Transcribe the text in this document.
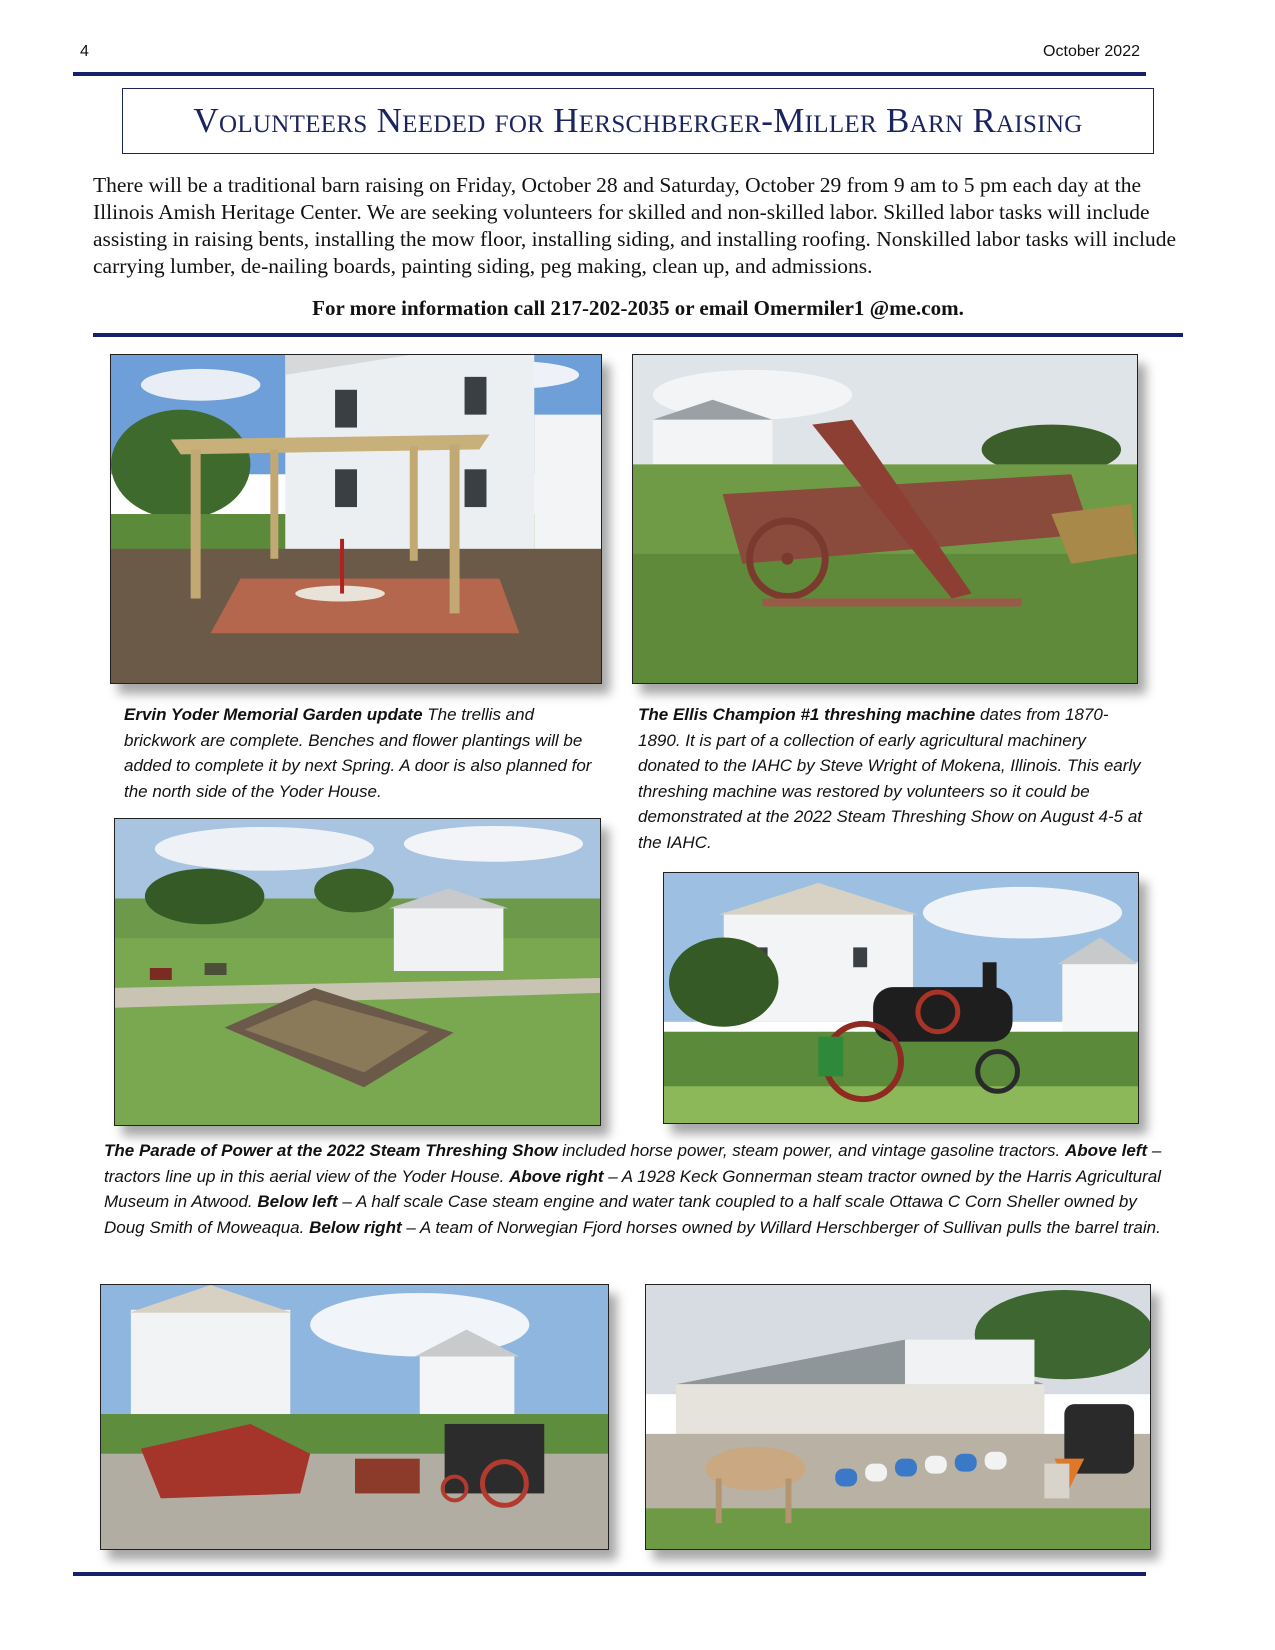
4	October 2022
Volunteers Needed for Herschberger-Miller Barn Raising
There will be a traditional barn raising on Friday, October 28 and Saturday, October 29 from 9 am to 5 pm each day at the Illinois Amish Heritage Center. We are seeking volunteers for skilled and non-skilled labor. Skilled labor tasks will include assisting in raising bents, installing the mow floor, installing siding, and installing roofing. Nonskilled labor tasks will include carrying lumber, de-nailing boards, painting siding, peg making, clean up, and admissions.
For more information call 217-202-2035 or email Omermiler1 @me.com.
Ervin Yoder Memorial Garden update The trellis and brickwork are complete. Benches and flower plantings will be added to complete it by next Spring. A door is also planned for the north side of the Yoder House.
The Ellis Champion #1 threshing machine dates from 1870-1890. It is part of a collection of early agricultural machinery donated to the IAHC by Steve Wright of Mokena, Illinois. This early threshing machine was restored by volunteers so it could be demonstrated at the 2022 Steam Threshing Show on August 4-5 at the IAHC.
The Parade of Power at the 2022 Steam Threshing Show included horse power, steam power, and vintage gasoline tractors. Above left – tractors line up in this aerial view of the Yoder House. Above right – A 1928 Keck Gonnerman steam tractor owned by the Harris Agricultural Museum in Atwood. Below left – A half scale Case steam engine and water tank coupled to a half scale Ottawa C Corn Sheller owned by Doug Smith of Moweaqua. Below right – A team of Norwegian Fjord horses owned by Willard Herschberger of Sullivan pulls the barrel train.
